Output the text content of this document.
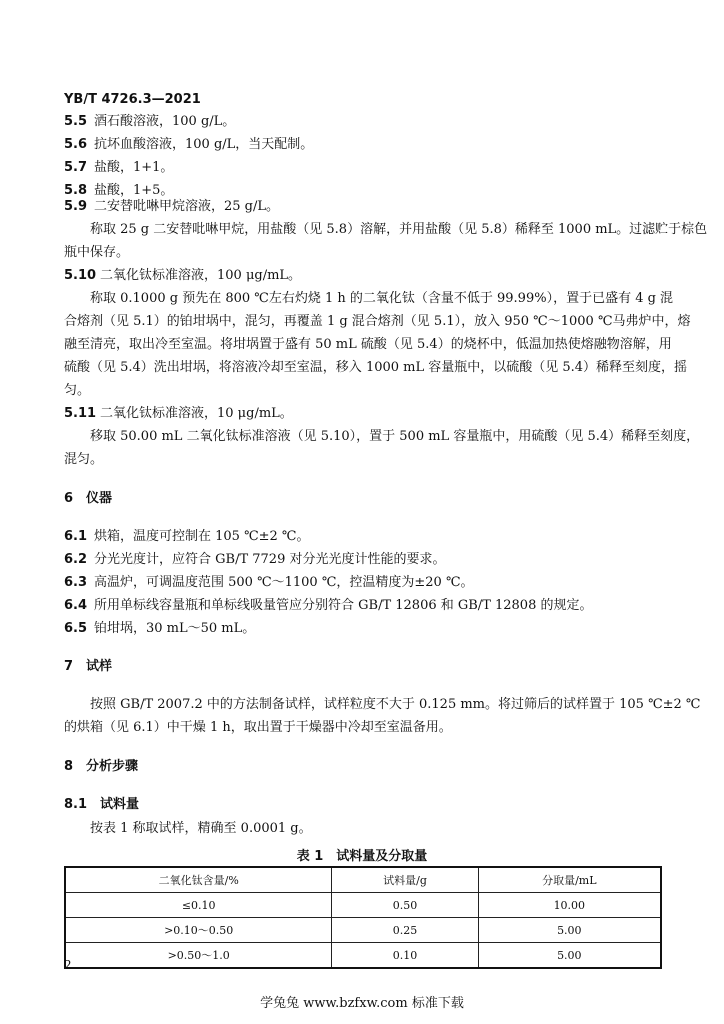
YB/T 4726.3—2021
5.5 酒石酸溶液，100 g/L。
5.6 抗坏血酸溶液，100 g/L，当天配制。
5.7 盐酸，1+1。
5.8 盐酸，1+5。
5.9 二安替吡啉甲烷溶液，25 g/L。
称取 25 g 二安替吡啉甲烷，用盐酸（见 5.8）溶解，并用盐酸（见 5.8）稀释至 1000 mL。过滤贮于棕色
瓶中保存。
5.10 二氧化钛标准溶液，100 μg/mL。
称取 0.1000 g 预先在 800 ℃左右灼烧 1 h 的二氧化钛（含量不低于 99.99%），置于已盛有 4 g 混
合熔剂（见 5.1）的铂坩埚中，混匀，再覆盖 1 g 混合熔剂（见 5.1），放入 950 ℃～1000 ℃马弗炉中，熔
融至清亮，取出冷至室温。将坩埚置于盛有 50 mL 硫酸（见 5.4）的烧杯中，低温加热使熔融物溶解，用
硫酸（见 5.4）洗出坩埚，将溶液冷却至室温，移入 1000 mL 容量瓶中，以硫酸（见 5.4）稀释至刻度，摇
匀。
5.11 二氧化钛标准溶液，10 μg/mL。
移取 50.00 mL 二氧化钛标准溶液（见 5.10），置于 500 mL 容量瓶中，用硫酸（见 5.4）稀释至刻度，
混匀。
6　仪器
6.1 烘箱，温度可控制在 105 ℃±2 ℃。
6.2 分光光度计，应符合 GB/T 7729 对分光光度计性能的要求。
6.3 高温炉，可调温度范围 500 ℃～1100 ℃，控温精度为±20 ℃。
6.4 所用单标线容量瓶和单标线吸量管应分别符合 GB/T 12806 和 GB/T 12808 的规定。
6.5 铂坩埚，30 mL～50 mL。
7　试样
按照 GB/T 2007.2 中的方法制备试样，试样粒度不大于 0.125 mm。将过筛后的试样置于 105 ℃±2 ℃
的烘箱（见 6.1）中干燥 1 h，取出置于干燥器中冷却至室温备用。
8　分析步骤
8.1　试料量
按表 1 称取试样，精确至 0.0001 g。
表 1　试料量及分取量
二氧化钛含量/%	试料量/g	分取量/mL
≤0.10	0.50	10.00
>0.10～0.50	0.25	5.00
>0.50～1.0	0.10	5.00
2
学兔兔 www.bzfxw.com 标准下载
